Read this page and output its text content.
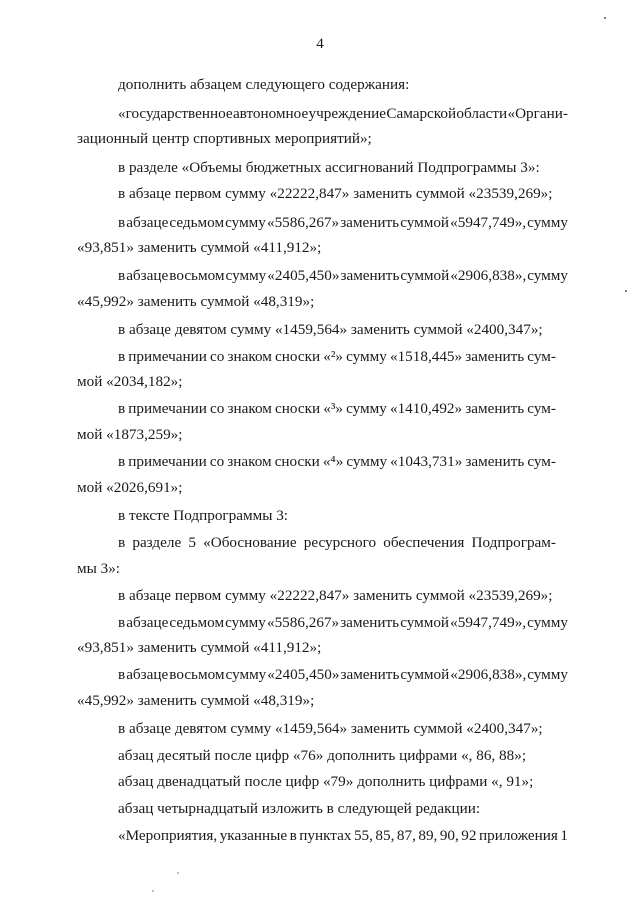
4
дополнить абзацем следующего содержания:
«государственное автономное учреждение Самарской области «Органи-
зационный центр спортивных мероприятий»;
в разделе «Объемы бюджетных ассигнований Подпрограммы 3»:
в абзаце первом сумму «22222,847» заменить суммой «23539,269»;
в абзаце седьмом сумму «5586,267» заменить суммой «5947,749», сумму
«93,851» заменить суммой «411,912»;
в абзаце восьмом сумму «2405,450» заменить суммой «2906,838», сумму
«45,992» заменить суммой «48,319»;
в абзаце девятом сумму «1459,564» заменить суммой «2400,347»;
в примечании со знаком сноски «²» сумму «1518,445» заменить сум-
мой «2034,182»;
в примечании со знаком сноски «³» сумму «1410,492» заменить сум-
мой «1873,259»;
в примечании со знаком сноски «⁴» сумму «1043,731» заменить сум-
мой «2026,691»;
в тексте Подпрограммы 3:
в разделе 5 «Обоснование ресурсного обеспечения Подпрограм-
мы 3»:
в абзаце первом сумму «22222,847» заменить суммой «23539,269»;
в абзаце седьмом сумму «5586,267» заменить суммой «5947,749», сумму
«93,851» заменить суммой «411,912»;
в абзаце восьмом сумму «2405,450» заменить суммой «2906,838», сумму
«45,992» заменить суммой «48,319»;
в абзаце девятом сумму «1459,564» заменить суммой «2400,347»;
абзац десятый после цифр «76» дополнить цифрами «, 86, 88»;
абзац двенадцатый после цифр «79» дополнить цифрами «, 91»;
абзац четырнадцатый изложить в следующей редакции:
«Мероприятия, указанные в пунктах 55, 85, 87, 89, 90, 92 приложения 1
